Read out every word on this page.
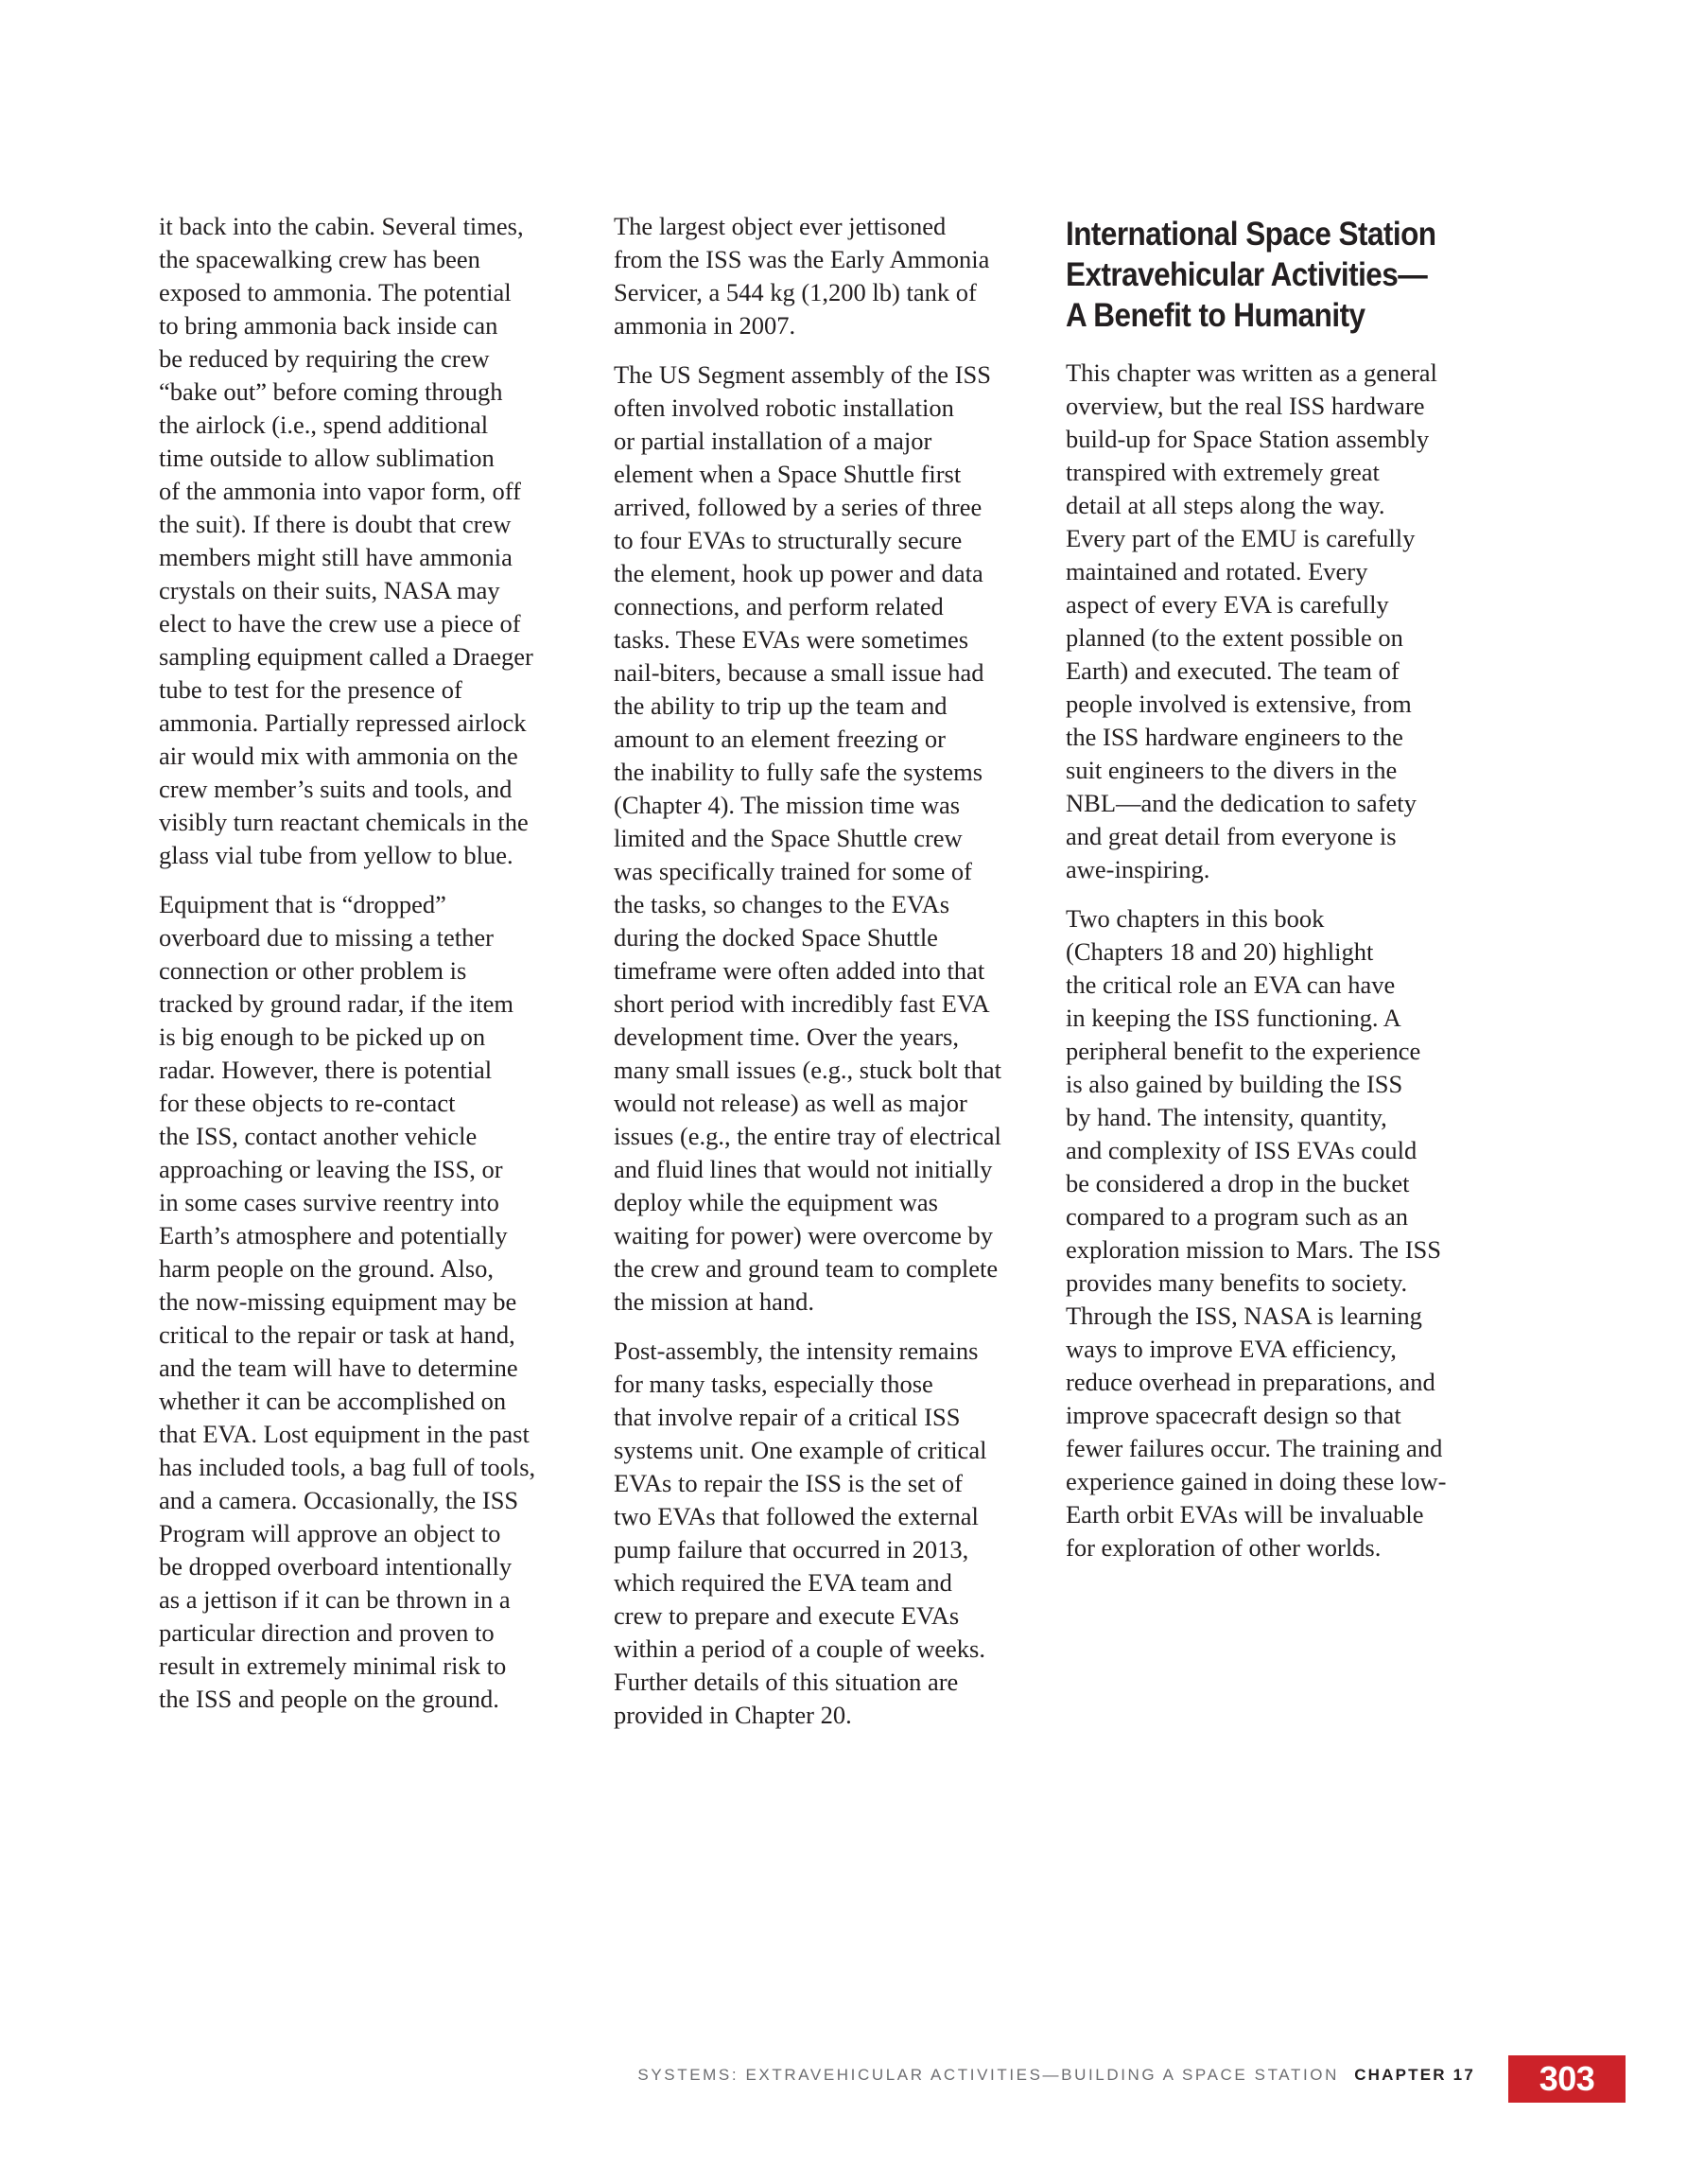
it back into the cabin. Several times,
the spacewalking crew has been
exposed to ammonia. The potential
to bring ammonia back inside can
be reduced by requiring the crew
“bake out” before coming through
the airlock (i.e., spend additional
time outside to allow sublimation
of the ammonia into vapor form, off
the suit). If there is doubt that crew
members might still have ammonia
crystals on their suits, NASA may
elect to have the crew use a piece of
sampling equipment called a Draeger
tube to test for the presence of
ammonia. Partially repressed airlock
air would mix with ammonia on the
crew member’s suits and tools, and
visibly turn reactant chemicals in the
glass vial tube from yellow to blue.

Equipment that is “dropped”
overboard due to missing a tether
connection or other problem is
tracked by ground radar, if the item
is big enough to be picked up on
radar. However, there is potential
for these objects to re-contact
the ISS, contact another vehicle
approaching or leaving the ISS, or
in some cases survive reentry into
Earth’s atmosphere and potentially
harm people on the ground. Also,
the now-missing equipment may be
critical to the repair or task at hand,
and the team will have to determine
whether it can be accomplished on
that EVA. Lost equipment in the past
has included tools, a bag full of tools,
and a camera. Occasionally, the ISS
Program will approve an object to
be dropped overboard intentionally
as a jettison if it can be thrown in a
particular direction and proven to
result in extremely minimal risk to
the ISS and people on the ground.

The largest object ever jettisoned
from the ISS was the Early Ammonia
Servicer, a 544 kg (1,200 lb) tank of
ammonia in 2007.

The US Segment assembly of the ISS
often involved robotic installation
or partial installation of a major
element when a Space Shuttle first
arrived, followed by a series of three
to four EVAs to structurally secure
the element, hook up power and data
connections, and perform related
tasks. These EVAs were sometimes
nail-biters, because a small issue had
the ability to trip up the team and
amount to an element freezing or
the inability to fully safe the systems
(Chapter 4). The mission time was
limited and the Space Shuttle crew
was specifically trained for some of
the tasks, so changes to the EVAs
during the docked Space Shuttle
timeframe were often added into that
short period with incredibly fast EVA
development time. Over the years,
many small issues (e.g., stuck bolt that
would not release) as well as major
issues (e.g., the entire tray of electrical
and fluid lines that would not initially
deploy while the equipment was
waiting for power) were overcome by
the crew and ground team to complete
the mission at hand.

Post-assembly, the intensity remains
for many tasks, especially those
that involve repair of a critical ISS
systems unit. One example of critical
EVAs to repair the ISS is the set of
two EVAs that followed the external
pump failure that occurred in 2013,
which required the EVA team and
crew to prepare and execute EVAs
within a period of a couple of weeks.
Further details of this situation are
provided in Chapter 20.

International Space Station
Extravehicular Activities—
A Benefit to Humanity

This chapter was written as a general
overview, but the real ISS hardware
build-up for Space Station assembly
transpired with extremely great
detail at all steps along the way.
Every part of the EMU is carefully
maintained and rotated. Every
aspect of every EVA is carefully
planned (to the extent possible on
Earth) and executed. The team of
people involved is extensive, from
the ISS hardware engineers to the
suit engineers to the divers in the
NBL—and the dedication to safety
and great detail from everyone is
awe-inspiring.

Two chapters in this book
(Chapters 18 and 20) highlight
the critical role an EVA can have
in keeping the ISS functioning. A
peripheral benefit to the experience
is also gained by building the ISS
by hand. The intensity, quantity,
and complexity of ISS EVAs could
be considered a drop in the bucket
compared to a program such as an
exploration mission to Mars. The ISS
provides many benefits to society.
Through the ISS, NASA is learning
ways to improve EVA efficiency,
reduce overhead in preparations, and
improve spacecraft design so that
fewer failures occur. The training and
experience gained in doing these low-
Earth orbit EVAs will be invaluable
for exploration of other worlds.

SYSTEMS: EXTRAVEHICULAR ACTIVITIES—BUILDING A SPACE STATION CHAPTER 17	303
